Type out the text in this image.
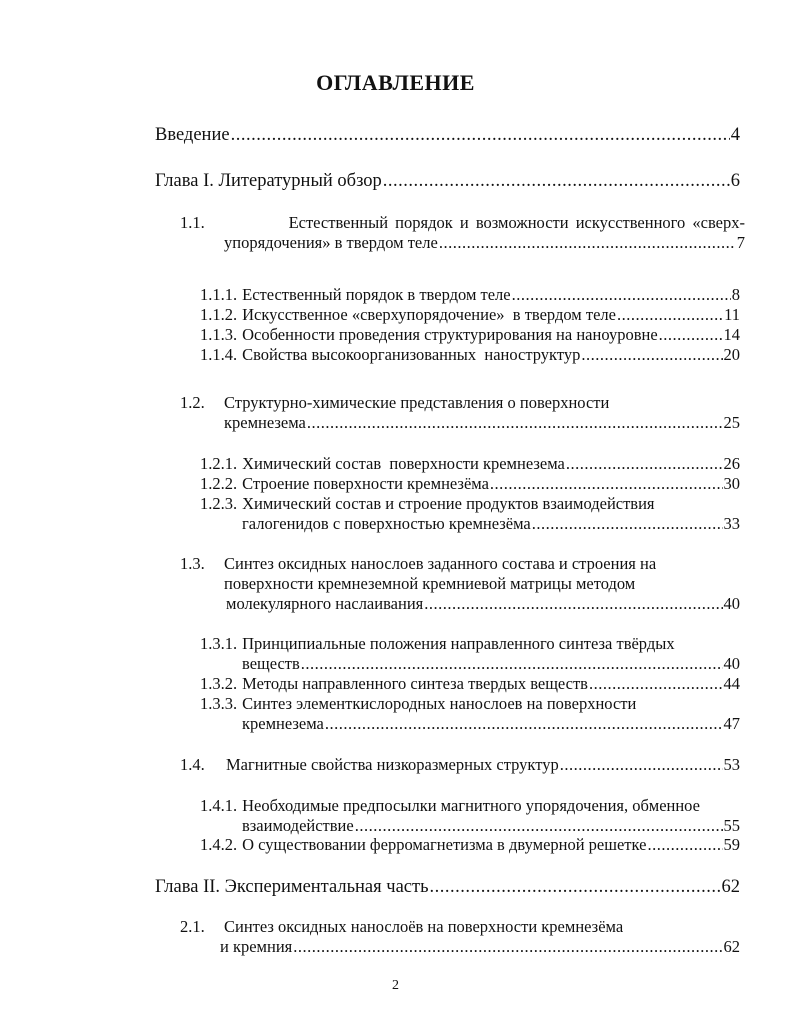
ОГЛАВЛЕНИЕ
Введение .....	4
Глава I. Литературный обзор .....	6
1.1.	Естественный порядок и возможности искусственного «сверх-
упорядочения» в твердом теле .....	7
1.1.1. Естественный порядок в твердом теле .....	8
1.1.2. Искусственное «сверхупорядочение»  в твердом теле .....	11
1.1.3. Особенности проведения структурирования на наноуровне .....	14
1.1.4. Свойства высокоорганизованных  наноструктур .....	20
1.2.	Структурно-химические представления о поверхности
кремнезема .....	25
1.2.1. Химический состав  поверхности кремнезема .....	26
1.2.2. Строение поверхности кремнезёма .....	30
1.2.3. Химический состав и строение продуктов взаимодействия
галогенидов с поверхностью кремнезёма .....	33
1.3.	Синтез оксидных нанослоев заданного состава и строения на
поверхности кремнеземной кремниевой матрицы методом
молекулярного наслаивания .....	40
1.3.1. Принципиальные положения направленного синтеза твёрдых
веществ .....	40
1.3.2. Методы направленного синтеза твердых веществ .....	44
1.3.3. Синтез элементкислородных нанослоев на поверхности
кремнезема .....	47
1.4.	Магнитные свойства низкоразмерных структур .....	53
1.4.1. Необходимые предпосылки магнитного упорядочения, обменное
взаимодействие .....	55
1.4.2. О существовании ферромагнетизма в двумерной решетке .....	59
Глава II. Экспериментальная часть .....	62
2.1.	Синтез оксидных нанослоёв на поверхности кремнезёма
и кремния .....	62
2
